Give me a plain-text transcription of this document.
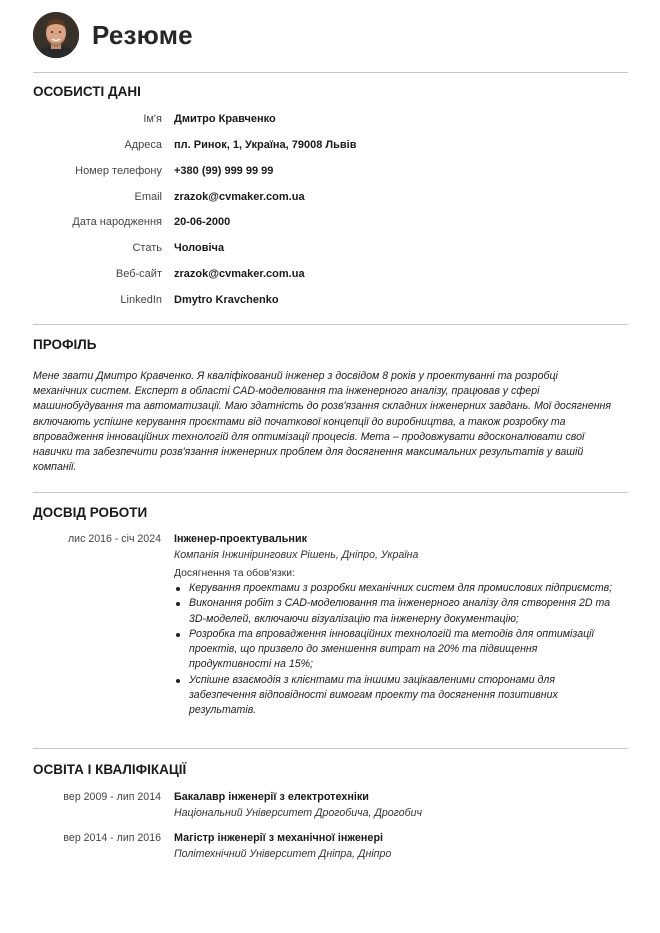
Резюме
ОСОБИСТІ ДАНІ
Ім'я Дмитро Кравченко
Адреса пл. Ринок, 1, Україна, 79008 Львів
Номер телефону +380 (99) 999 99 99
Email zrazok@cvmaker.com.ua
Дата народження 20-06-2000
Стать Чоловіча
Веб-сайт zrazok@cvmaker.com.ua
LinkedIn Dmytro Kravchenko
ПРОФІЛЬ
Мене звати Дмитро Кравченко. Я кваліфікований інженер з досвідом 8 років у проектуванні та розробці
механічних систем. Експерт в області CAD-моделювання та інженерного аналізу, працював у сфері
машинобудування та автоматизації. Маю здатність до розв'язання складних інженерних завдань. Мої досягнення
включають успішне керування проєктами від початкової концепції до виробництва, а також розробку та
впровадження інноваційних технологій для оптимізації процесів. Мета – продовжувати вдосконалювати свої
навички та забезпечити розв'язання інженерних проблем для досягнення максимальних результатів у вашій
компанії.
ДОСВІД РОБОТИ
лис 2016 - січ 2024 Інженер-проектувальник
Компанія Інжинірингових Рішень, Дніпро, Україна
Досягнення та обов'язки:
Керування проектами з розробки механічних систем для промислових підприємств;
Виконання робіт з CAD-моделювання та інженерного аналізу для створення 2D та
3D-моделей, включаючи візуалізацію та інженерну документацію;
Розробка та впровадження інноваційних технологій та методів для оптимізації
проектів, що призвело до зменшення витрат на 20% та підвищення
продуктивності на 15%;
Успішне взаємодія з клієнтами та іншими зацікавленими сторонами для
забезпечення відповідності вимогам проекту та досягнення позитивних
результатів.
ОСВІТА І КВАЛІФІКАЦІЇ
вер 2009 - лип 2014 Бакалавр інженерії з електротехніки
Національний Університет Дрогобича, Дрогобич
вер 2014 - лип 2016 Магістр інженерії з механічної інженері
Політехнічний Університет Дніпра, Дніпро
